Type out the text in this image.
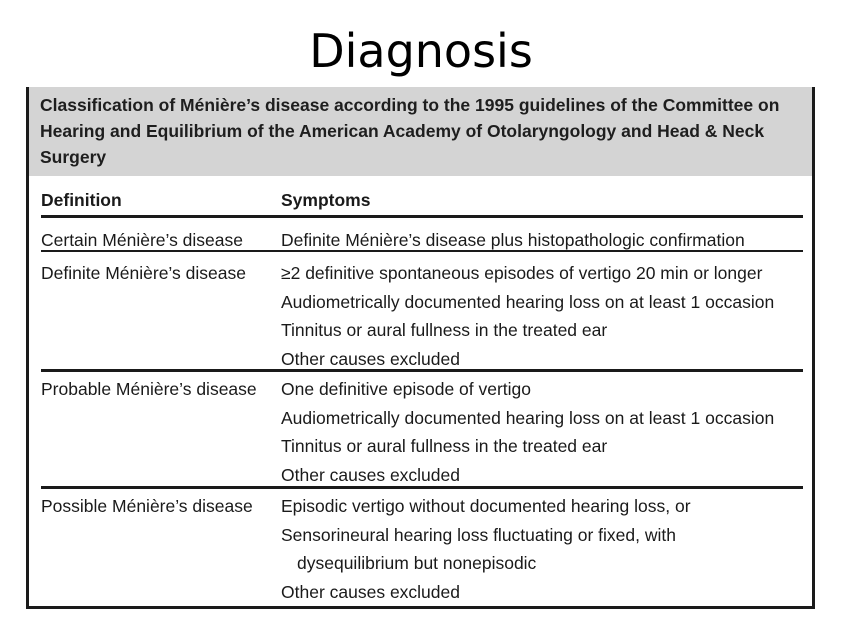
Diagnosis
Classification of Ménière’s disease according to the 1995 guidelines of the Committee on Hearing and Equilibrium of the American Academy of Otolaryngology and Head & Neck Surgery
Definition	Symptoms
Certain Ménière’s disease Definite Ménière’s disease plus histopathologic confirmation
Definite Ménière’s disease ≥2 definitive spontaneous episodes of vertigo 20 min or longer
Audiometrically documented hearing loss on at least 1 occasion
Tinnitus or aural fullness in the treated ear
Other causes excluded
Probable Ménière’s disease One definitive episode of vertigo
Audiometrically documented hearing loss on at least 1 occasion
Tinnitus or aural fullness in the treated ear
Other causes excluded
Possible Ménière’s disease Episodic vertigo without documented hearing loss, or
Sensorineural hearing loss fluctuating or fixed, with
dysequilibrium but nonepisodic
Other causes excluded
